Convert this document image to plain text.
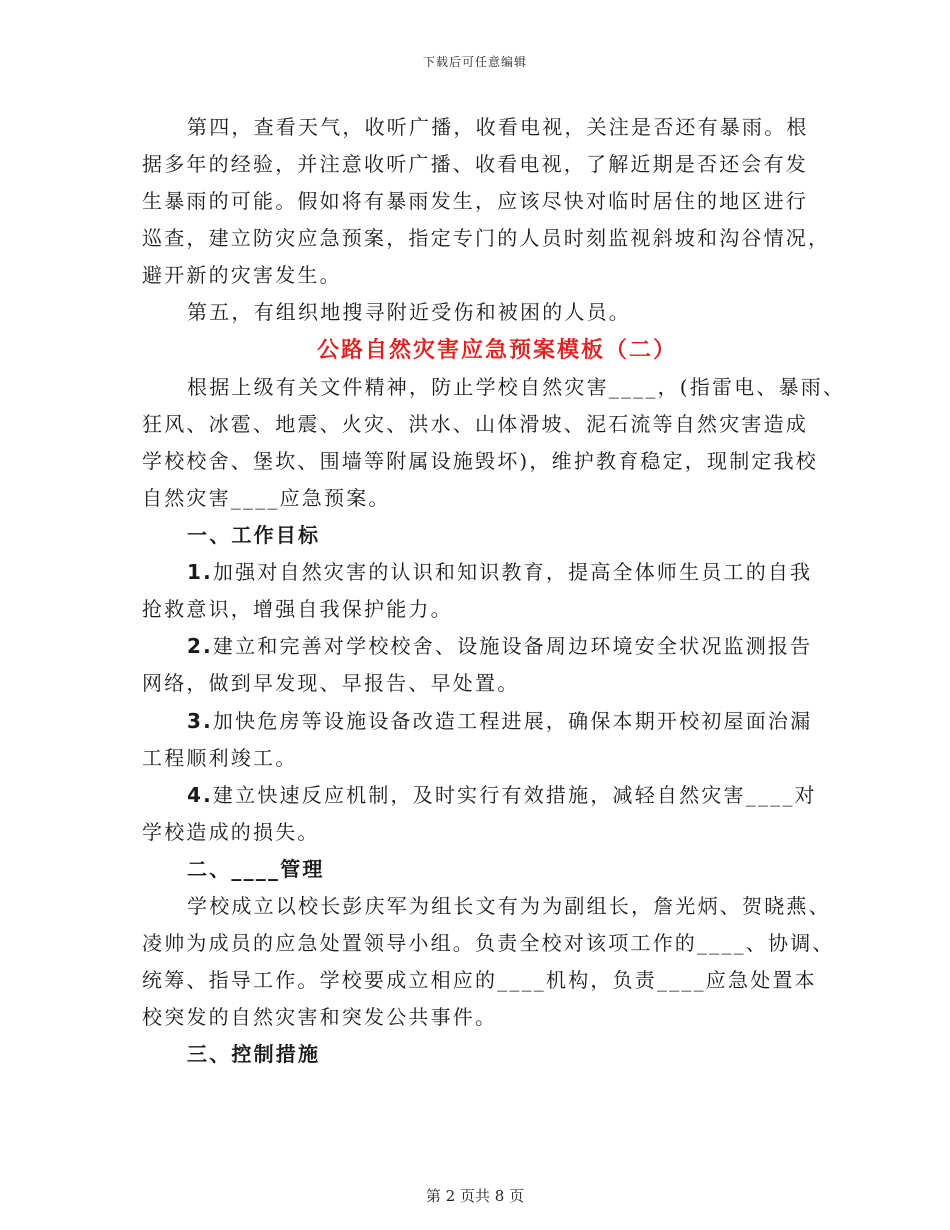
下载后可任意编辑
第四，查看天气，收听广播，收看电视，关注是否还有暴雨。根
据多年的经验，并注意收听广播、收看电视，了解近期是否还会有发
生暴雨的可能。假如将有暴雨发生，应该尽快对临时居住的地区进行
巡查，建立防灾应急预案，指定专门的人员时刻监视斜坡和沟谷情况，
避开新的灾害发生。
第五，有组织地搜寻附近受伤和被困的人员。
公路自然灾害应急预案模板（二）
根据上级有关文件精神，防止学校自然灾害____，(指雷电、暴雨、
狂风、冰雹、地震、火灾、洪水、山体滑坡、泥石流等自然灾害造成
学校校舍、堡坎、围墙等附属设施毁坏)，维护教育稳定，现制定我校
自然灾害____应急预案。
一、工作目标
1.加强对自然灾害的认识和知识教育，提高全体师生员工的自我
抢救意识，增强自我保护能力。
2.建立和完善对学校校舍、设施设备周边环境安全状况监测报告
网络，做到早发现、早报告、早处置。
3.加快危房等设施设备改造工程进展，确保本期开校初屋面治漏
工程顺利竣工。
4.建立快速反应机制，及时实行有效措施，减轻自然灾害____对
学校造成的损失。
二、____管理
学校成立以校长彭庆军为组长文有为为副组长，詹光炳、贺晓燕、
凌帅为成员的应急处置领导小组。负责全校对该项工作的____、协调、
统筹、指导工作。学校要成立相应的____机构，负责____应急处置本
校突发的自然灾害和突发公共事件。
三、控制措施
第 2 页共 8 页
